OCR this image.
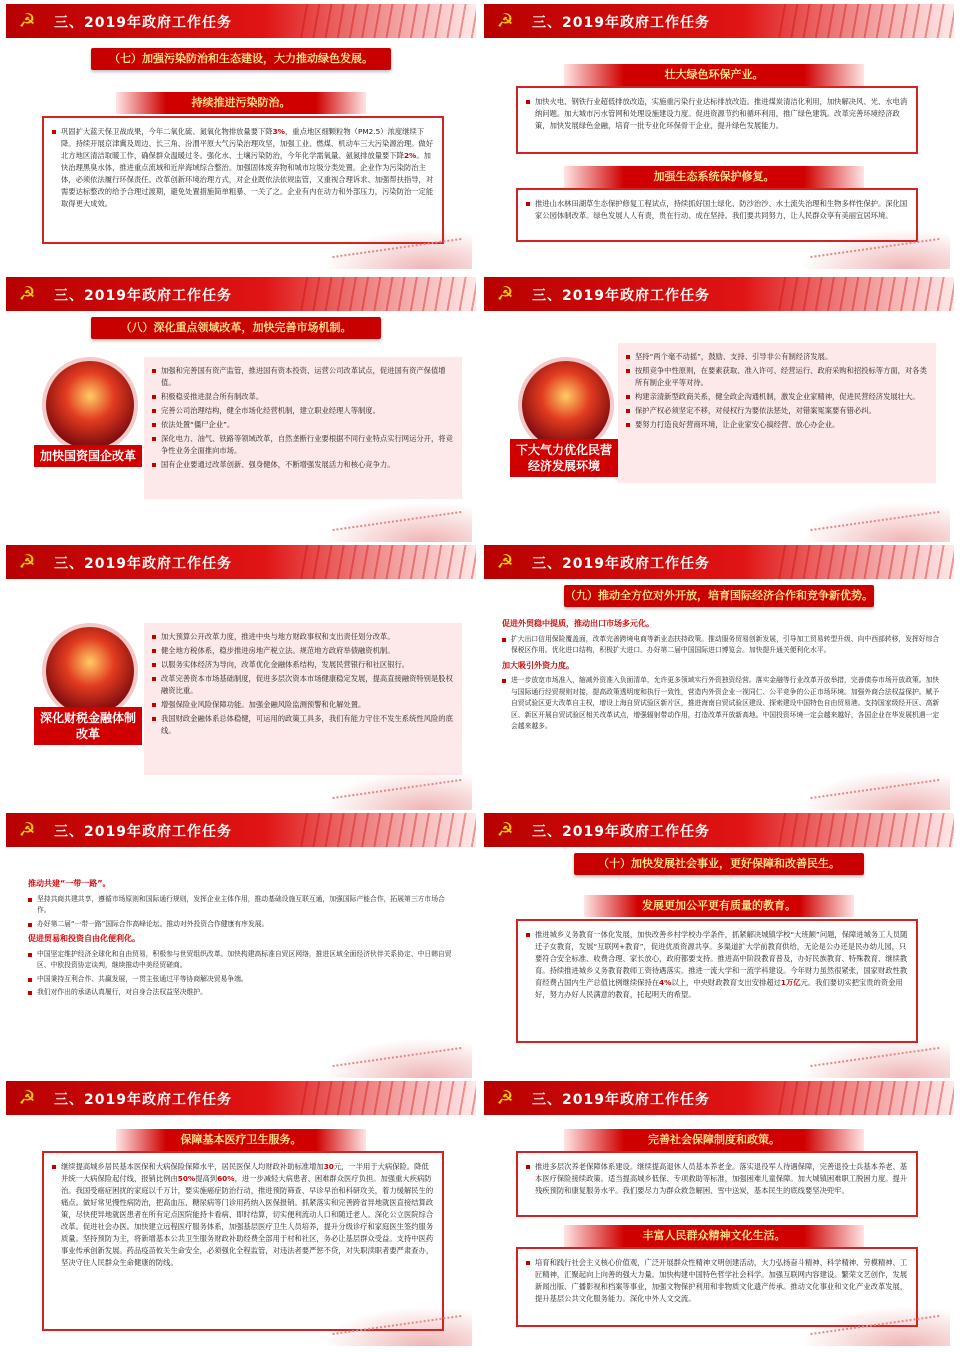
☭ 三、2019年政府工作任务
（七）加强污染防治和生态建设，大力推动绿色发展。
持续推进污染防治。
巩固扩大蓝天保卫战成果，今年二氧化硫、氮氧化物排放量要下降3%，重点地区细颗粒物（PM2.5）浓度继续下降。持续开展京津冀及周边、长三角、汾渭平原大气污染治理攻坚，加强工业、燃煤、机动车三大污染源治理。做好北方地区清洁取暖工作，确保群众温暖过冬。强化水、土壤污染防治，今年化学需氧量、氨氮排放量要下降2%。加快治理黑臭水体，推进重点流域和近岸海域综合整治。加强固体废弃物和城市垃圾分类处置。企业作为污染防治主体，必须依法履行环保责任。改革创新环境治理方式，对企业既依法依规监管，又重视合理诉求、加强帮扶指导，对需要达标整改的给予合理过渡期，避免处置措施简单粗暴、一关了之。企业有内在动力和外部压力，污染防治一定能取得更大成效。
☭ 三、2019年政府工作任务
壮大绿色环保产业。
加快火电、钢铁行业超低排放改造，实施重污染行业达标排放改造。推进煤炭清洁化利用，加快解决风、光、水电消纳问题。加大城市污水管网和处理设施建设力度。促进资源节约和循环利用，推广绿色建筑。改革完善环境经济政策，加快发展绿色金融，培育一批专业化环保骨干企业，提升绿色发展能力。
加强生态系统保护修复。
推进山水林田湖草生态保护修复工程试点，持续抓好国土绿化、防沙治沙、水土流失治理和生物多样性保护。深化国家公园体制改革。绿色发展人人有责，贵在行动、成在坚持。我们要共同努力，让人民群众享有美丽宜居环境。
☭ 三、2019年政府工作任务
（八）深化重点领域改革，加快完善市场机制。
加快国资国企改革
加强和完善国有资产监管，推进国有资本投资、运营公司改革试点，促进国有资产保值增值。
积极稳妥推进混合所有制改革。
完善公司治理结构，健全市场化经营机制，建立职业经理人等制度。
依法处置“僵尸企业”。
深化电力、油气、铁路等领域改革，自然垄断行业要根据不同行业特点实行网运分开，将竞争性业务全面推向市场。
国有企业要通过改革创新、强身健体，不断增强发展活力和核心竞争力。
☭ 三、2019年政府工作任务
下大气力优化民营经济发展环境
坚持“两个毫不动摇”，鼓励、支持、引导非公有制经济发展。
按照竞争中性原则，在要素获取、准入许可、经营运行、政府采购和招投标等方面，对各类所有制企业平等对待。
构建亲清新型政商关系，健全政企沟通机制，激发企业家精神，促进民营经济发展壮大。
保护产权必须坚定不移，对侵权行为要依法惩处，对错案冤案要有错必纠。
要努力打造良好营商环境，让企业家安心搞经营、放心办企业。
☭ 三、2019年政府工作任务
深化财税金融体制改革
加大预算公开改革力度，推进中央与地方财政事权和支出责任划分改革。
健全地方税体系，稳步推进房地产税立法。规范地方政府举债融资机制。
以服务实体经济为导向，改革优化金融体系结构，发展民营银行和社区银行。
改革完善资本市场基础制度，促进多层次资本市场健康稳定发展，提高直接融资特别是股权融资比重。
增强保险业风险保障功能。加强金融风险监测预警和化解处置。
我国财政金融体系总体稳健，可运用的政策工具多，我们有能力守住不发生系统性风险的底线。
☭ 三、2019年政府工作任务
（九）推动全方位对外开放，培育国际经济合作和竞争新优势。
促进外贸稳中提质，推动出口市场多元化。
扩大出口信用保险覆盖面，改革完善跨境电商等新业态扶持政策。推动服务贸易创新发展，引导加工贸易转型升级、向中西部转移，发挥好综合保税区作用。优化进口结构，积极扩大进口。办好第二届中国国际进口博览会。加快提升通关便利化水平。
加大吸引外资力度。
进一步放宽市场准入，缩减外资准入负面清单，允许更多领域实行外资独资经营。落实金融等行业改革开放举措，完善债券市场开放政策。加快与国际通行经贸规则对接，提高政策透明度和执行一致性，营造内外资企业一视同仁、公平竞争的公正市场环境。加强外商合法权益保护。赋予自贸试验区更大改革自主权，增设上海自贸试验区新片区，推进海南自贸试验区建设、探索建设中国特色自由贸易港。支持国家级经开区、高新区、新区开展自贸试验区相关改革试点，增强辐射带动作用，打造改革开放新高地。中国投资环境一定会越来越好，各国企业在华发展机遇一定会越来越多。
☭ 三、2019年政府工作任务
推动共建“一带一路”。
坚持共商共建共享，遵循市场原则和国际通行规则，发挥企业主体作用，推动基础设施互联互通，加强国际产能合作，拓展第三方市场合作。
办好第二届“一带一路”国际合作高峰论坛。推动对外投资合作健康有序发展。
促进贸易和投资自由化便利化。
中国坚定维护经济全球化和自由贸易，积极参与世贸组织改革。加快构建高标准自贸区网络，推进区域全面经济伙伴关系协定、中日韩自贸区、中欧投资协定谈判，继续推动中美经贸磋商。
中国秉持互利合作、共赢发展，一贯主张通过平等协商解决贸易争端。
我们对作出的承诺认真履行，对自身合法权益坚决维护。
☭ 三、2019年政府工作任务
（十）加快发展社会事业，更好保障和改善民生。
发展更加公平更有质量的教育。
推进城乡义务教育一体化发展，加快改善乡村学校办学条件，抓紧解决城镇学校“大班额”问题，保障进城务工人员随迁子女教育，发展“互联网+教育”，促进优质资源共享。多渠道扩大学前教育供给，无论是公办还是民办幼儿园，只要符合安全标准、收费合理、家长放心，政府都要支持。推进高中阶段教育普及，办好民族教育、特殊教育、继续教育。持续推进城乡义务教育教师工资待遇落实。推进一流大学和一流学科建设。今年财力虽然很紧张，国家财政性教育经费占国内生产总值比例继续保持在4%以上，中央财政教育支出安排超过1万亿元。我们要切实把宝贵的资金用好，努力办好人民满意的教育，托起明天的希望。
☭ 三、2019年政府工作任务
保障基本医疗卫生服务。
继续提高城乡居民基本医保和大病保险保障水平，居民医保人均财政补助标准增加30元，一半用于大病保险。降低并统一大病保险起付线，报销比例由50%提高到60%，进一步减轻大病患者、困难群众医疗负担。加强重大疾病防治。我国受癌症困扰的家庭以千万计，要实施癌症防治行动，推进预防筛查、早诊早治和科研攻关，着力缓解民生的痛点。做好常见慢性病防治，把高血压、糖尿病等门诊用药纳入医保报销。抓紧落实和完善跨省异地就医直接结算政策，尽快使异地就医患者在所有定点医院能持卡看病、即时结算，切实便利流动人口和随迁老人。深化公立医院综合改革。促进社会办医。加快建立远程医疗服务体系，加强基层医疗卫生人员培养，提升分级诊疗和家庭医生签约服务质量。坚持预防为主，将新增基本公共卫生服务财政补助经费全部用于村和社区，务必让基层群众受益。支持中医药事业传承创新发展。药品疫苗攸关生命安全，必须强化全程监管，对违法者要严惩不贷，对失职渎职者要严肃查办，坚决守住人民群众生命健康的防线。
☭ 三、2019年政府工作任务
完善社会保障制度和政策。
推进多层次养老保障体系建设。继续提高退休人员基本养老金。落实退役军人待遇保障，完善退役士兵基本养老、基本医疗保险接续政策。适当提高城乡低保、专项救助等标准，加强困难儿童保障。加大城镇困难职工脱困力度。提升残疾预防和康复服务水平。我们要尽力为群众救急解困、雪中送炭，基本民生的底线要坚决兜牢。
丰富人民群众精神文化生活。
培育和践行社会主义核心价值观，广泛开展群众性精神文明创建活动，大力弘扬奋斗精神、科学精神、劳模精神、工匠精神，汇聚起向上向善的强大力量。加快构建中国特色哲学社会科学。加强互联网内容建设。繁荣文艺创作，发展新闻出版、广播影视和档案等事业，加强文物保护利用和非物质文化遗产传承。推动文化事业和文化产业改革发展，提升基层公共文化服务能力。深化中外人文交流。
